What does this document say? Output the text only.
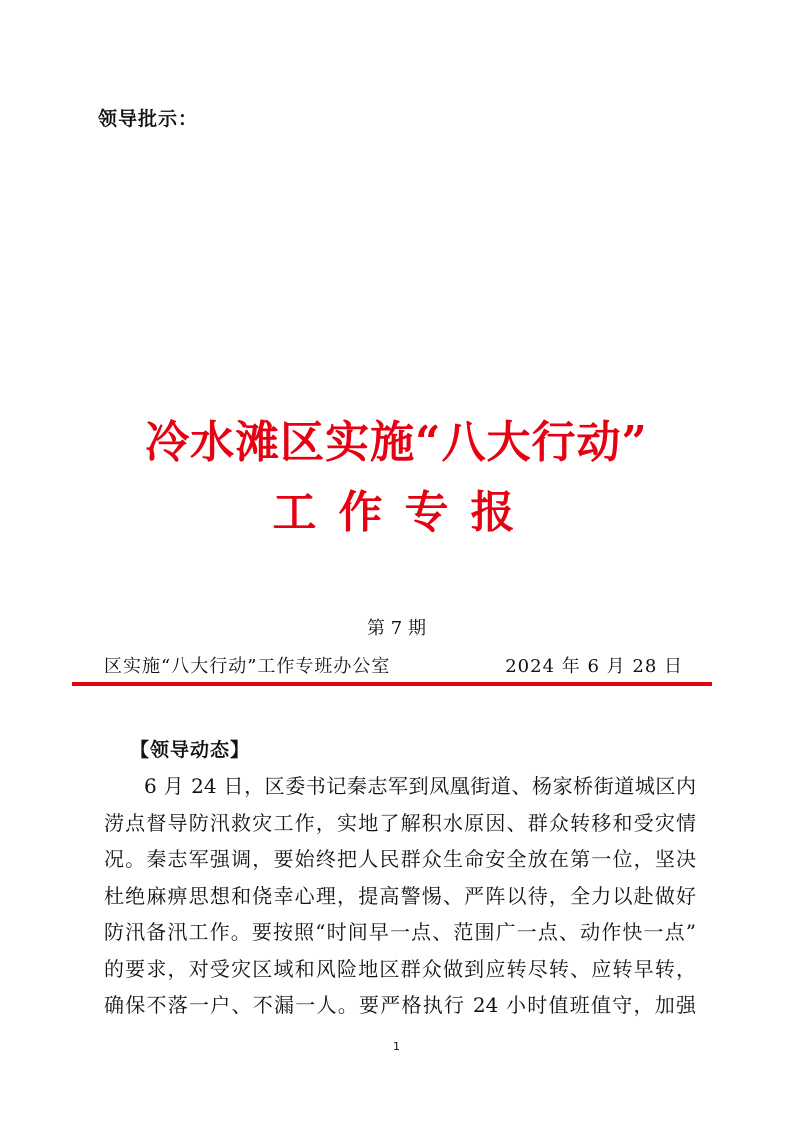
领导批示：
冷水滩区实施“八大行动”
工作专报
第 7 期
区实施“八大行动”工作专班办公室	2024 年 6 月 28 日
【领导动态】
6 月 24 日，区委书记秦志军到凤凰街道、杨家桥街道城区内
涝点督导防汛救灾工作，实地了解积水原因、群众转移和受灾情
况。秦志军强调，要始终把人民群众生命安全放在第一位，坚决
杜绝麻痹思想和侥幸心理，提高警惕、严阵以待，全力以赴做好
防汛备汛工作。要按照“时间早一点、范围广一点、动作快一点”
的要求，对受灾区域和风险地区群众做到应转尽转、应转早转，
确保不落一户、不漏一人。要严格执行 24 小时值班值守，加强
1
